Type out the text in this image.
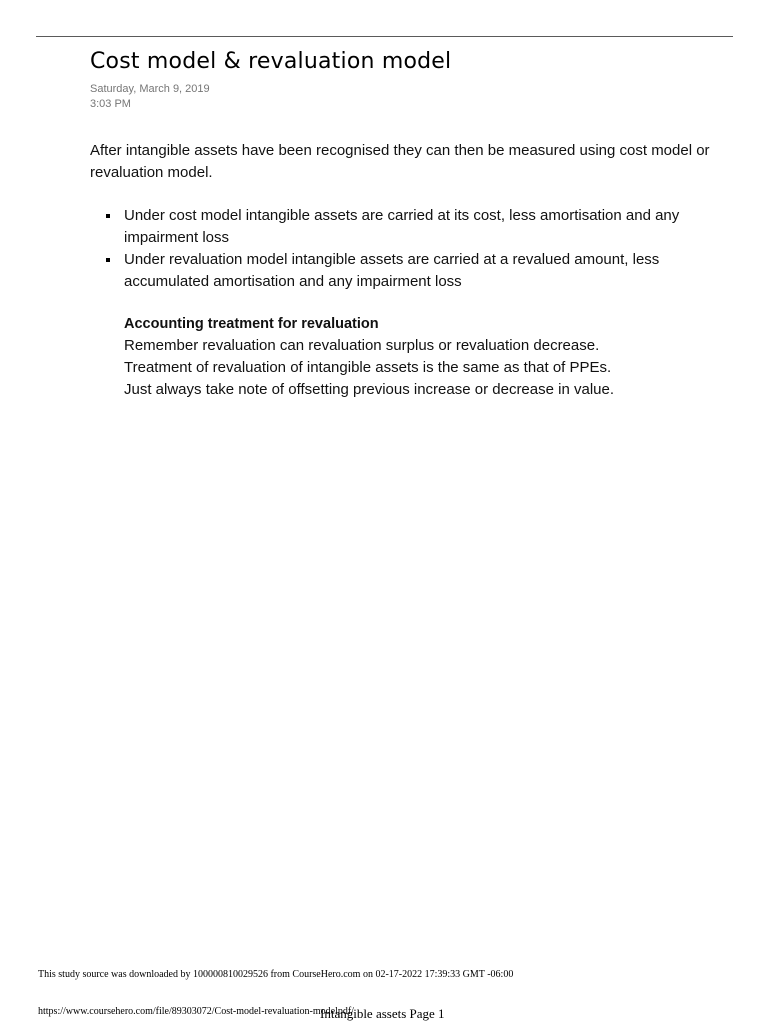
Cost model & revaluation model
Saturday, March 9, 2019
3:03 PM

After intangible assets have been recognised they can then be measured using cost model or revaluation model.

Under cost model intangible assets are carried at its cost, less amortisation and any impairment loss
Under revaluation model intangible assets are carried at a revalued amount, less accumulated amortisation and any impairment loss
Accounting treatment for revaluation
Remember revaluation can revaluation surplus or revaluation decrease.
Treatment of revaluation of intangible assets is the same as that of PPEs.
Just always take note of offsetting previous increase or decrease in value.
This study source was downloaded by 100000810029526 from CourseHero.com on 02-17-2022 17:39:33 GMT -06:00
https://www.coursehero.com/file/89303072/Cost-model-revaluation-modelpdf/
Intangible assets Page 1
